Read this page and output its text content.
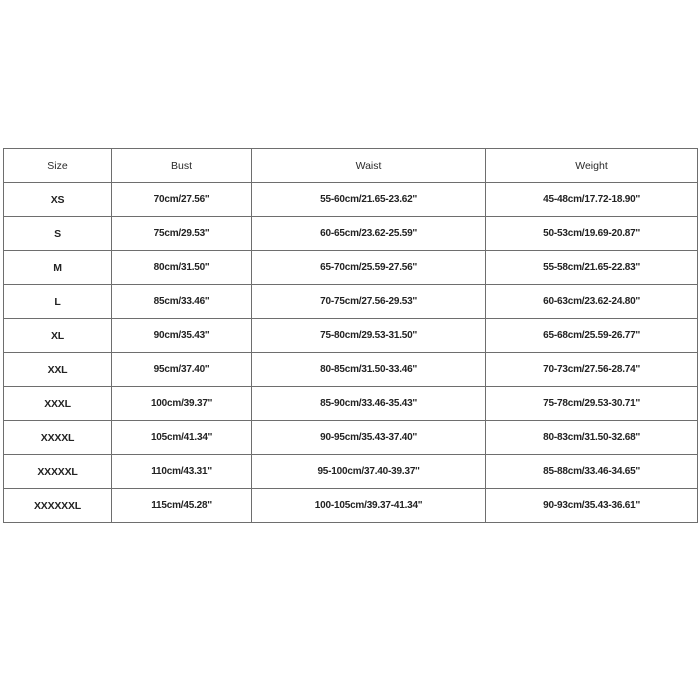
Size	Bust	Waist	Weight
XS	70cm/27.56''	55-60cm/21.65-23.62''	45-48cm/17.72-18.90''
S	75cm/29.53''	60-65cm/23.62-25.59''	50-53cm/19.69-20.87''
M	80cm/31.50''	65-70cm/25.59-27.56''	55-58cm/21.65-22.83''
L	85cm/33.46''	70-75cm/27.56-29.53''	60-63cm/23.62-24.80''
XL	90cm/35.43''	75-80cm/29.53-31.50''	65-68cm/25.59-26.77''
XXL	95cm/37.40''	80-85cm/31.50-33.46''	70-73cm/27.56-28.74''
XXXL	100cm/39.37''	85-90cm/33.46-35.43''	75-78cm/29.53-30.71''
XXXXL	105cm/41.34''	90-95cm/35.43-37.40''	80-83cm/31.50-32.68''
XXXXXL	110cm/43.31''	95-100cm/37.40-39.37''	85-88cm/33.46-34.65''
XXXXXXL	115cm/45.28''	100-105cm/39.37-41.34''	90-93cm/35.43-36.61''
